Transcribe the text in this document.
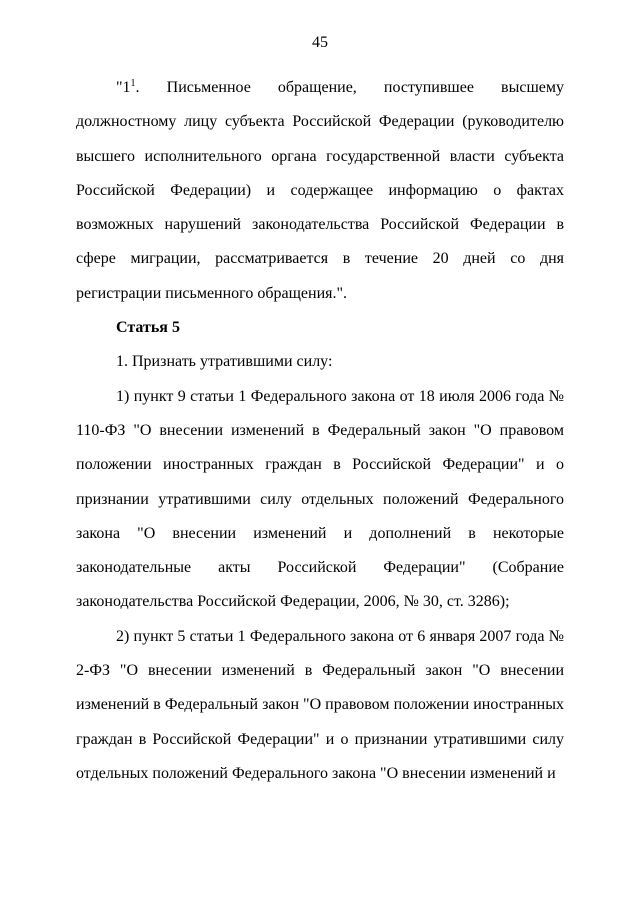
45

"$1^1$. Письменное обращение, поступившее высшему должностному лицу субъекта Российской Федерации (руководителю высшего исполнительного органа государственной власти субъекта Российской Федерации) и содержащее информацию о фактах возможных нарушений законодательства Российской Федерации в сфере миграции, рассматривается в течение 20 дней со дня регистрации письменного обращения.".

Статья 5

1. Признать утратившими силу:

1) пункт 9 статьи 1 Федерального закона от 18 июля 2006 года № 110-ФЗ "О внесении изменений в Федеральный закон "О правовом положении иностранных граждан в Российской Федерации" и о признании утратившими силу отдельных положений Федерального закона "О внесении изменений и дополнений в некоторые законодательные акты Российской Федерации" (Собрание законодательства Российской Федерации, 2006, № 30, ст. 3286);

2) пункт 5 статьи 1 Федерального закона от 6 января 2007 года № 2-ФЗ "О внесении изменений в Федеральный закон "О внесении изменений в Федеральный закон "О правовом положении иностранных граждан в Российской Федерации" и о признании утратившими силу отдельных положений Федерального закона "О внесении изменений и
